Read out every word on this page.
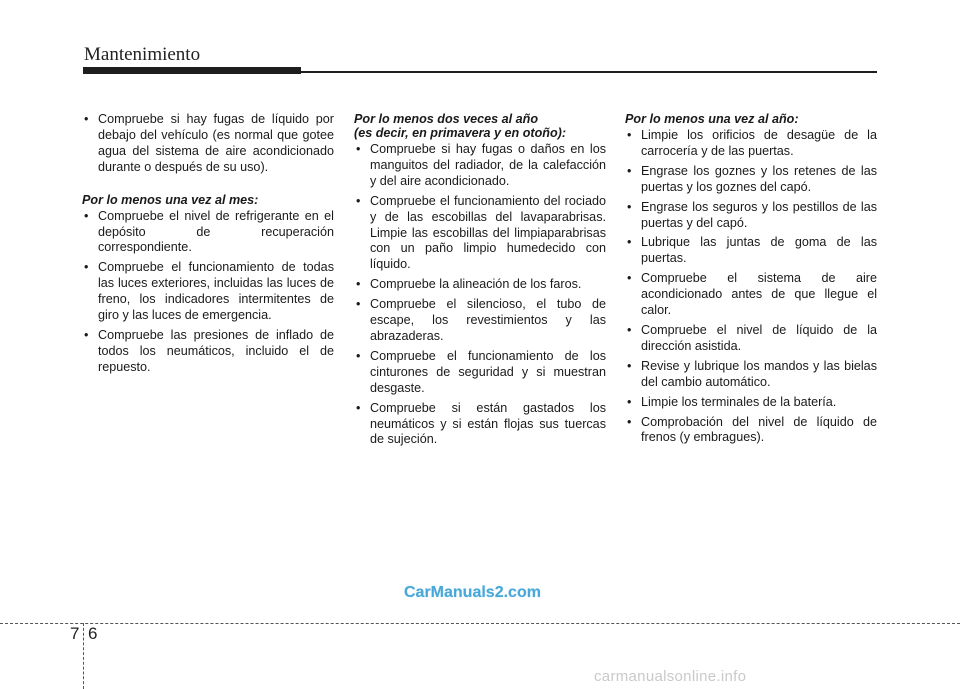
Mantenimiento
• Compruebe si hay fugas de líquido por debajo del vehículo (es normal que gotee agua del sistema de aire acondicionado durante o después de su uso).
Por lo menos una vez al mes:
• Compruebe el nivel de refrigerante en el depósito de recuperación correspondiente.
• Compruebe el funcionamiento de todas las luces exteriores, incluidas las luces de freno, los indicadores intermitentes de giro y las luces de emergencia.
• Compruebe las presiones de inflado de todos los neumáticos, incluido el de repuesto.
Por lo menos dos veces al año
(es decir, en primavera y en otoño):
• Compruebe si hay fugas o daños en los manguitos del radiador, de la calefacción y del aire acondicionado.
• Compruebe el funcionamiento del rociado y de las escobillas del lavaparabrisas. Limpie las escobillas del limpiaparabrisas con un paño limpio humedecido con líquido.
• Compruebe la alineación de los faros.
• Compruebe el silencioso, el tubo de escape, los revestimientos y las abrazaderas.
• Compruebe el funcionamiento de los cinturones de seguridad y si muestran desgaste.
• Compruebe si están gastados los neumáticos y si están flojas sus tuercas de sujeción.
Por lo menos una vez al año:
• Limpie los orificios de desagüe de la carrocería y de las puertas.
• Engrase los goznes y los retenes de las puertas y los goznes del capó.
• Engrase los seguros y los pestillos de las puertas y del capó.
• Lubrique las juntas de goma de las puertas.
• Compruebe el sistema de aire acondicionado antes de que llegue el calor.
• Compruebe el nivel de líquido de la dirección asistida.
• Revise y lubrique los mandos y las bielas del cambio automático.
• Limpie los terminales de la batería.
• Comprobación del nivel de líquido de frenos (y embragues).
CarManuals2.com
7 6
carmanualsonline.info
